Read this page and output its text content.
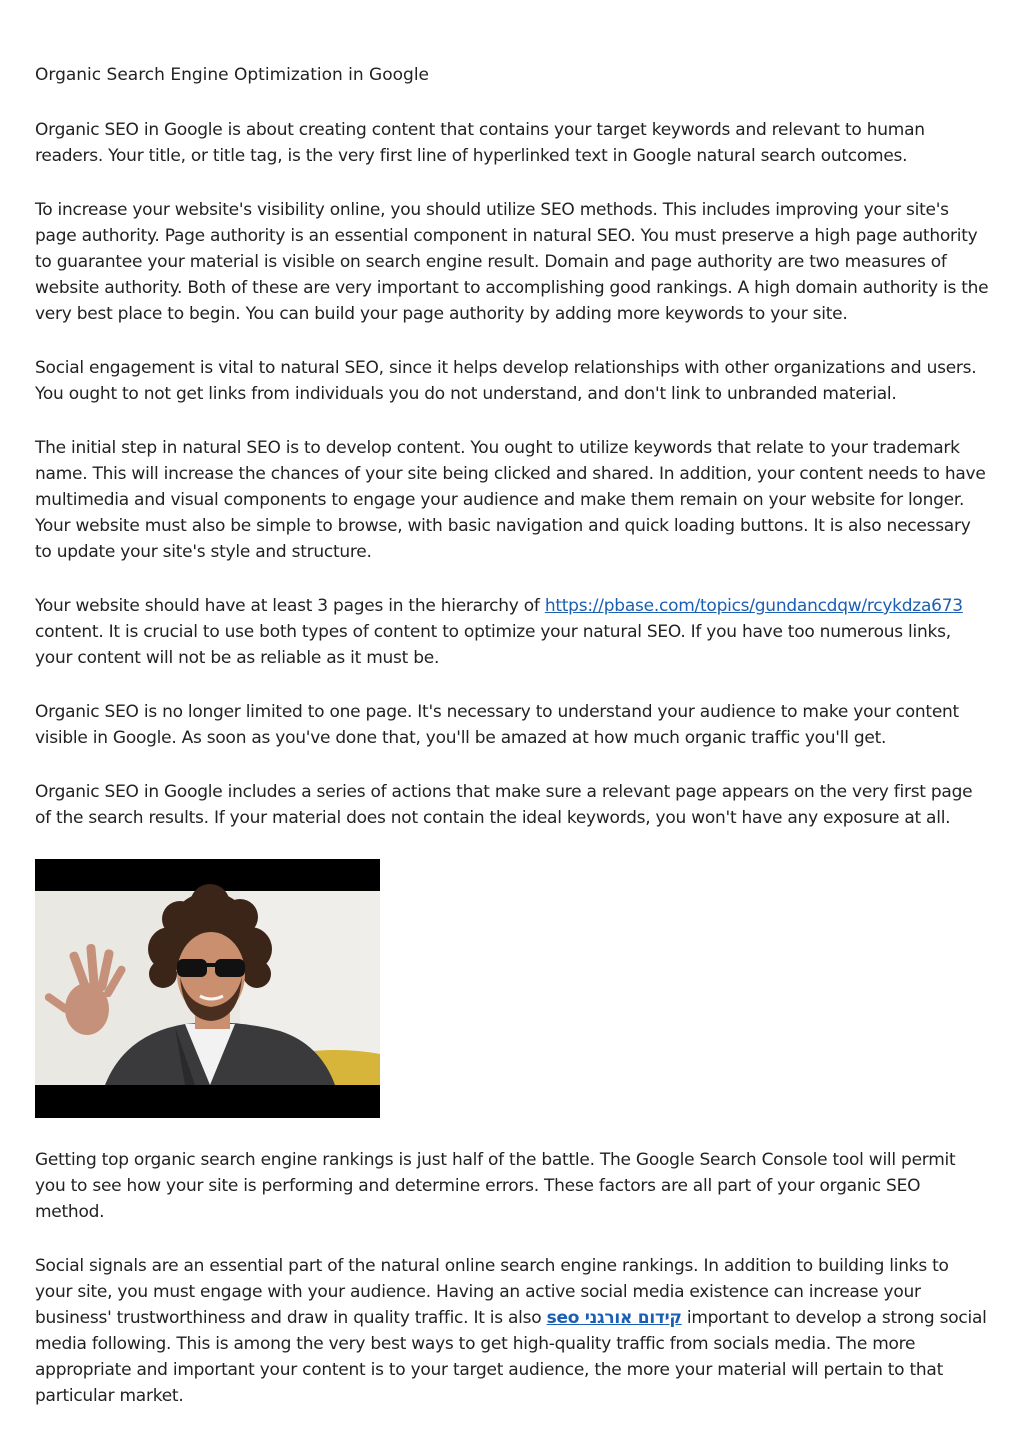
Organic Search Engine Optimization in Google

Organic SEO in Google is about creating content that contains your target keywords and relevant to human readers. Your title, or title tag, is the very first line of hyperlinked text in Google natural search outcomes.

To increase your website's visibility online, you should utilize SEO methods. This includes improving your site's page authority. Page authority is an essential component in natural SEO. You must preserve a high page authority to guarantee your material is visible on search engine result. Domain and page authority are two measures of website authority. Both of these are very important to accomplishing good rankings. A high domain authority is the very best place to begin. You can build your page authority by adding more keywords to your site.

Social engagement is vital to natural SEO, since it helps develop relationships with other organizations and users. You ought to not get links from individuals you do not understand, and don't link to unbranded material.

The initial step in natural SEO is to develop content. You ought to utilize keywords that relate to your trademark name. This will increase the chances of your site being clicked and shared. In addition, your content needs to have multimedia and visual components to engage your audience and make them remain on your website for longer. Your website must also be simple to browse, with basic navigation and quick loading buttons. It is also necessary to update your site's style and structure.

Your website should have at least 3 pages in the hierarchy of https://pbase.com/topics/gundancdqw/rcykdza673 content. It is crucial to use both types of content to optimize your natural SEO. If you have too numerous links, your content will not be as reliable as it must be.

Organic SEO is no longer limited to one page. It's necessary to understand your audience to make your content visible in Google. As soon as you've done that, you'll be amazed at how much organic traffic you'll get.

Organic SEO in Google includes a series of actions that make sure a relevant page appears on the very first page of the search results. If your material does not contain the ideal keywords, you won't have any exposure at all.

Getting top organic search engine rankings is just half of the battle. The Google Search Console tool will permit you to see how your site is performing and determine errors. These factors are all part of your organic SEO method.

Social signals are an essential part of the natural online search engine rankings. In addition to building links to your site, you must engage with your audience. Having an active social media existence can increase your business' trustworthiness and draw in quality traffic. It is also קידום אורגני seo important to develop a strong social media following. This is among the very best ways to get high-quality traffic from socials media. The more appropriate and important your content is to your target audience, the more your material will pertain to that particular market.
